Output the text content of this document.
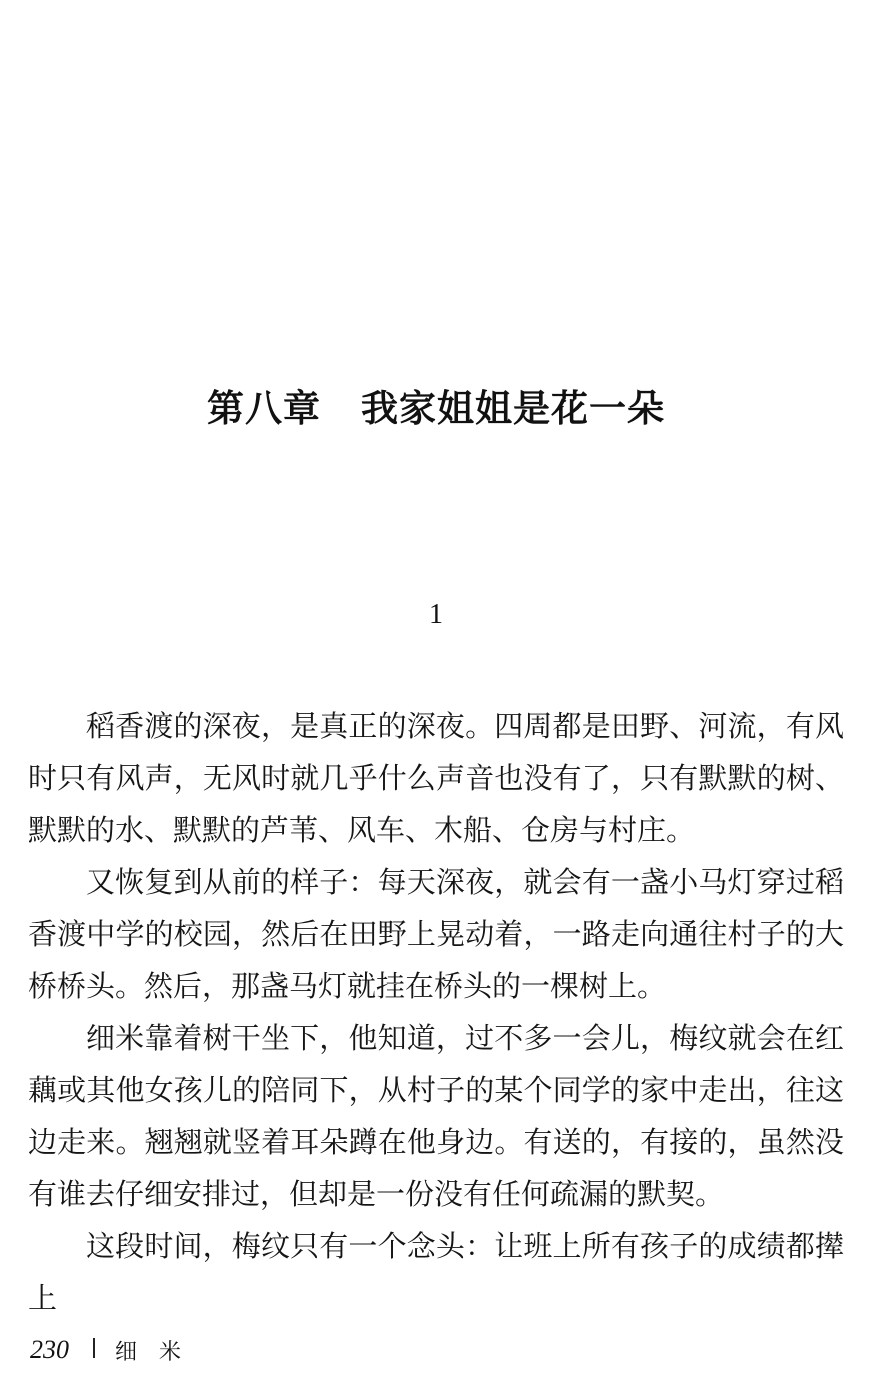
第八章 我家姐姐是花一朵
1

稻香渡的深夜，是真正的深夜。四周都是田野、河流，有风时只有风声，无风时就几乎什么声音也没有了，只有默默的树、默默的水、默默的芦苇、风车、木船、仓房与村庄。

又恢复到从前的样子：每天深夜，就会有一盏小马灯穿过稻香渡中学的校园，然后在田野上晃动着，一路走向通往村子的大桥桥头。然后，那盏马灯就挂在桥头的一棵树上。

细米靠着树干坐下，他知道，过不多一会儿，梅纹就会在红藕或其他女孩儿的陪同下，从村子的某个同学的家中走出，往这边走来。翘翘就竖着耳朵蹲在他身边。有送的，有接的，虽然没有谁去仔细安排过，但却是一份没有任何疏漏的默契。

这段时间，梅纹只有一个念头：让班上所有孩子的成绩都撵上

230 细米
